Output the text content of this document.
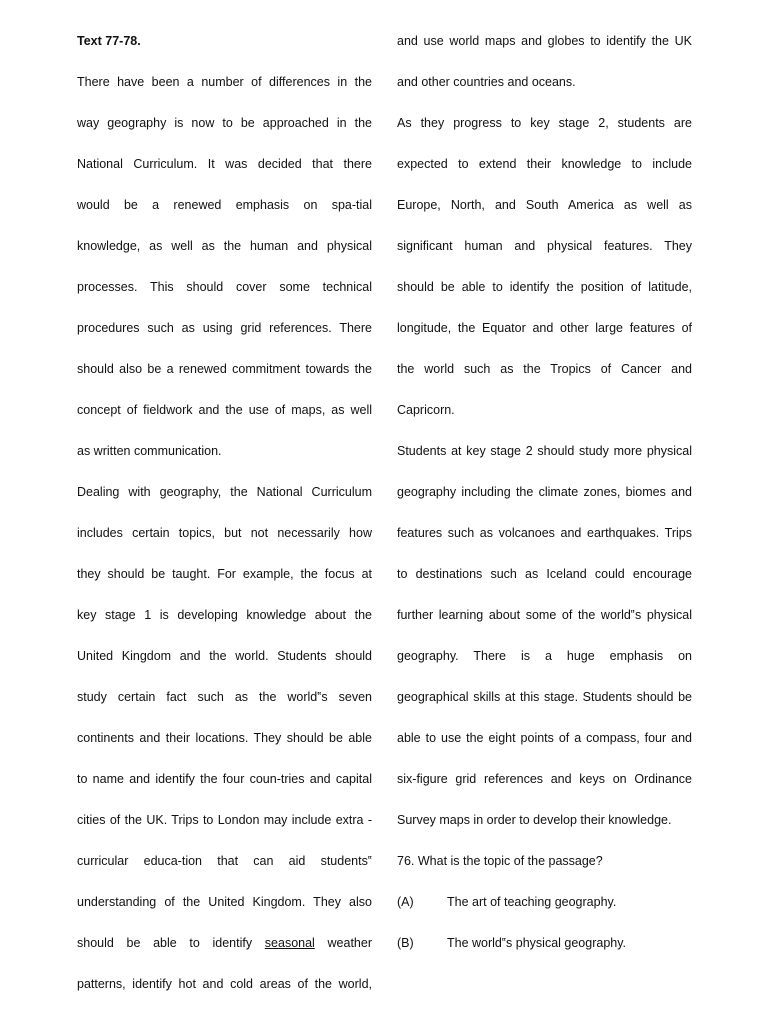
Text 77-78.
There have been a number of differences in the
way geography is now to be approached in the
National Curriculum. It was decided that there
would be a renewed emphasis on spa-tial
knowledge, as well as the human and physical
processes. This should cover some technical
procedures such as using grid references. There
should also be a renewed commitment towards the
concept of fieldwork and the use of maps, as well
as written communication.
Dealing with geography, the National Curriculum
includes certain topics, but not necessarily how
they should be taught. For example, the focus at
key stage 1 is developing knowledge about the
United Kingdom and the world. Students should
study certain fact such as the world‟s seven
continents and their locations. They should be able
to name and identify the four coun-tries and capital
cities of the UK. Trips to London may include extra -
curricular educa-tion that can aid students‟
understanding of the United Kingdom. They also
should be able to identify seasonal weather
patterns, identify hot and cold areas of the world,
and use world maps and globes to identify the UK
and other countries and oceans.
As they progress to key stage 2, students are
expected to extend their knowledge to include
Europe, North, and South America as well as
significant human and physical features. They
should be able to identify the position of latitude,
longitude, the Equator and other large features of
the world such as the Tropics of Cancer and
Capricorn.
Students at key stage 2 should study more physical
geography including the climate zones, biomes and
features such as volcanoes and earthquakes. Trips
to destinations such as Iceland could encourage
further learning about some of the world‟s physical
geography. There is a huge emphasis on
geographical skills at this stage. Students should be
able to use the eight points of a compass, four and
six-figure grid references and keys on Ordinance
Survey maps in order to develop their knowledge.
76. What is the topic of the passage?
(A)	The art of teaching geography.
(B)	The world‟s physical geography.
